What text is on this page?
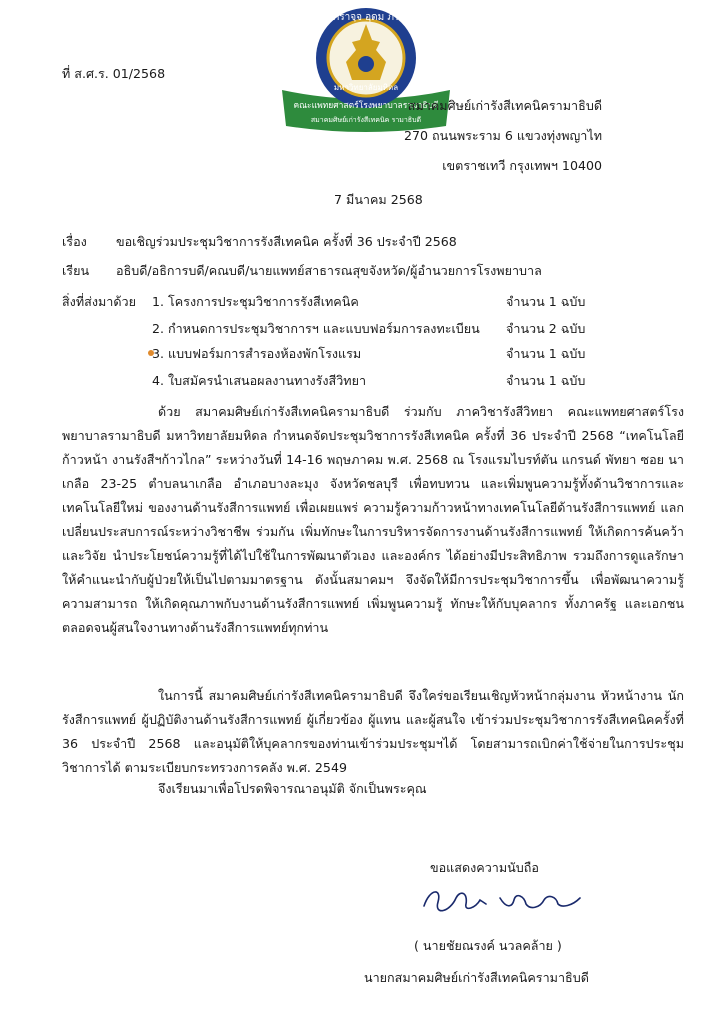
ที่ ส.ศ.ร. 01/2568
ภราจฺจ อฺดม ภร
มหาวิทยาลัยมหิดล
คณะแพทยศาสตร์โรงพยาบาลรามาธิบดี
สมาคมศิษย์เก่ารังสีเทคนิค รามาธิบดี
สมาคมศิษย์เก่ารังสีเทคนิครามาธิบดี
270 ถนนพระราม 6 แขวงทุ่งพญาไท
เขตราชเทวี กรุงเทพฯ 10400
7 มีนาคม 2568
เรื่อง ขอเชิญร่วมประชุมวิชาการรังสีเทคนิค ครั้งที่ 36 ประจำปี 2568
เรียน อธิบดี/อธิการบดี/คณบดี/นายแพทย์สาธารณสุขจังหวัด/ผู้อำนวยการโรงพยาบาล
สิ่งที่ส่งมาด้วย 1. โครงการประชุมวิชาการรังสีเทคนิค	จำนวน 1 ฉบับ
2. กำหนดการประชุมวิชาการฯ และแบบฟอร์มการลงทะเบียน จำนวน 2 ฉบับ
3. แบบฟอร์มการสำรองห้องพักโรงแรม	จำนวน 1 ฉบับ
4. ใบสมัครนำเสนอผลงานทางรังสีวิทยา	จำนวน 1 ฉบับ
ด้วย สมาคมศิษย์เก่ารังสีเทคนิครามาธิบดี ร่วมกับ ภาควิชารังสีวิทยา คณะแพทยศาสตร์โรงพยาบาลรามาธิบดี มหาวิทยาลัยมหิดล กำหนดจัดประชุมวิชาการรังสีเทคนิค ครั้งที่ 36 ประจำปี 2568 “เทคโนโลยีก้าวหน้า งานรังสีฯก้าวไกล” ระหว่างวันที่ 14-16 พฤษภาคม พ.ศ. 2568 ณ โรงแรมไบรท์ตัน แกรนด์ พัทยา ซอย นาเกลือ 23-25 ตำบลนาเกลือ อำเภอบางละมุง จังหวัดชลบุรี เพื่อทบทวน และเพิ่มพูนความรู้ทั้งด้านวิชาการและเทคโนโลยีใหม่ ของงานด้านรังสีการแพทย์ เพื่อเผยแพร่ ความรู้ความก้าวหน้าทางเทคโนโลยีด้านรังสีการแพทย์ แลกเปลี่ยนประสบการณ์ระหว่างวิชาชีพ ร่วมกัน เพิ่มทักษะในการบริหารจัดการงานด้านรังสีการแพทย์ ให้เกิดการค้นคว้า และวิจัย นำประโยชน์ความรู้ที่ได้ไปใช้ในการพัฒนาตัวเอง และองค์กร ได้อย่างมีประสิทธิภาพ รวมถึงการดูแลรักษา ให้คำแนะนำกับผู้ป่วยให้เป็นไปตามมาตรฐาน ดังนั้นสมาคมฯ จึงจัดให้มีการประชุมวิชาการขึ้น เพื่อพัฒนาความรู้ ความสามารถ ให้เกิดคุณภาพกับงานด้านรังสีการแพทย์ เพิ่มพูนความรู้ ทักษะให้กับบุคลากร ทั้งภาครัฐ และเอกชน ตลอดจนผู้สนใจงานทางด้านรังสีการแพทย์ทุกท่าน
ในการนี้ สมาคมศิษย์เก่ารังสีเทคนิครามาธิบดี จึงใคร่ขอเรียนเชิญหัวหน้ากลุ่มงาน หัวหน้างาน นักรังสีการแพทย์ ผู้ปฏิบัติงานด้านรังสีการแพทย์ ผู้เกี่ยวข้อง ผู้แทน และผู้สนใจ เข้าร่วมประชุมวิชาการรังสีเทคนิคครั้งที่ 36 ประจำปี 2568 และอนุมัติให้บุคลากรของท่านเข้าร่วมประชุมฯได้ โดยสามารถเบิกค่าใช้จ่ายในการประชุมวิชาการได้ ตามระเบียบกระทรวงการคลัง พ.ศ. 2549
จึงเรียนมาเพื่อโปรดพิจารณาอนุมัติ จักเป็นพระคุณ
ขอแสดงความนับถือ
( นายชัยณรงค์ นวลคล้าย )
นายกสมาคมศิษย์เก่ารังสีเทคนิครามาธิบดี
